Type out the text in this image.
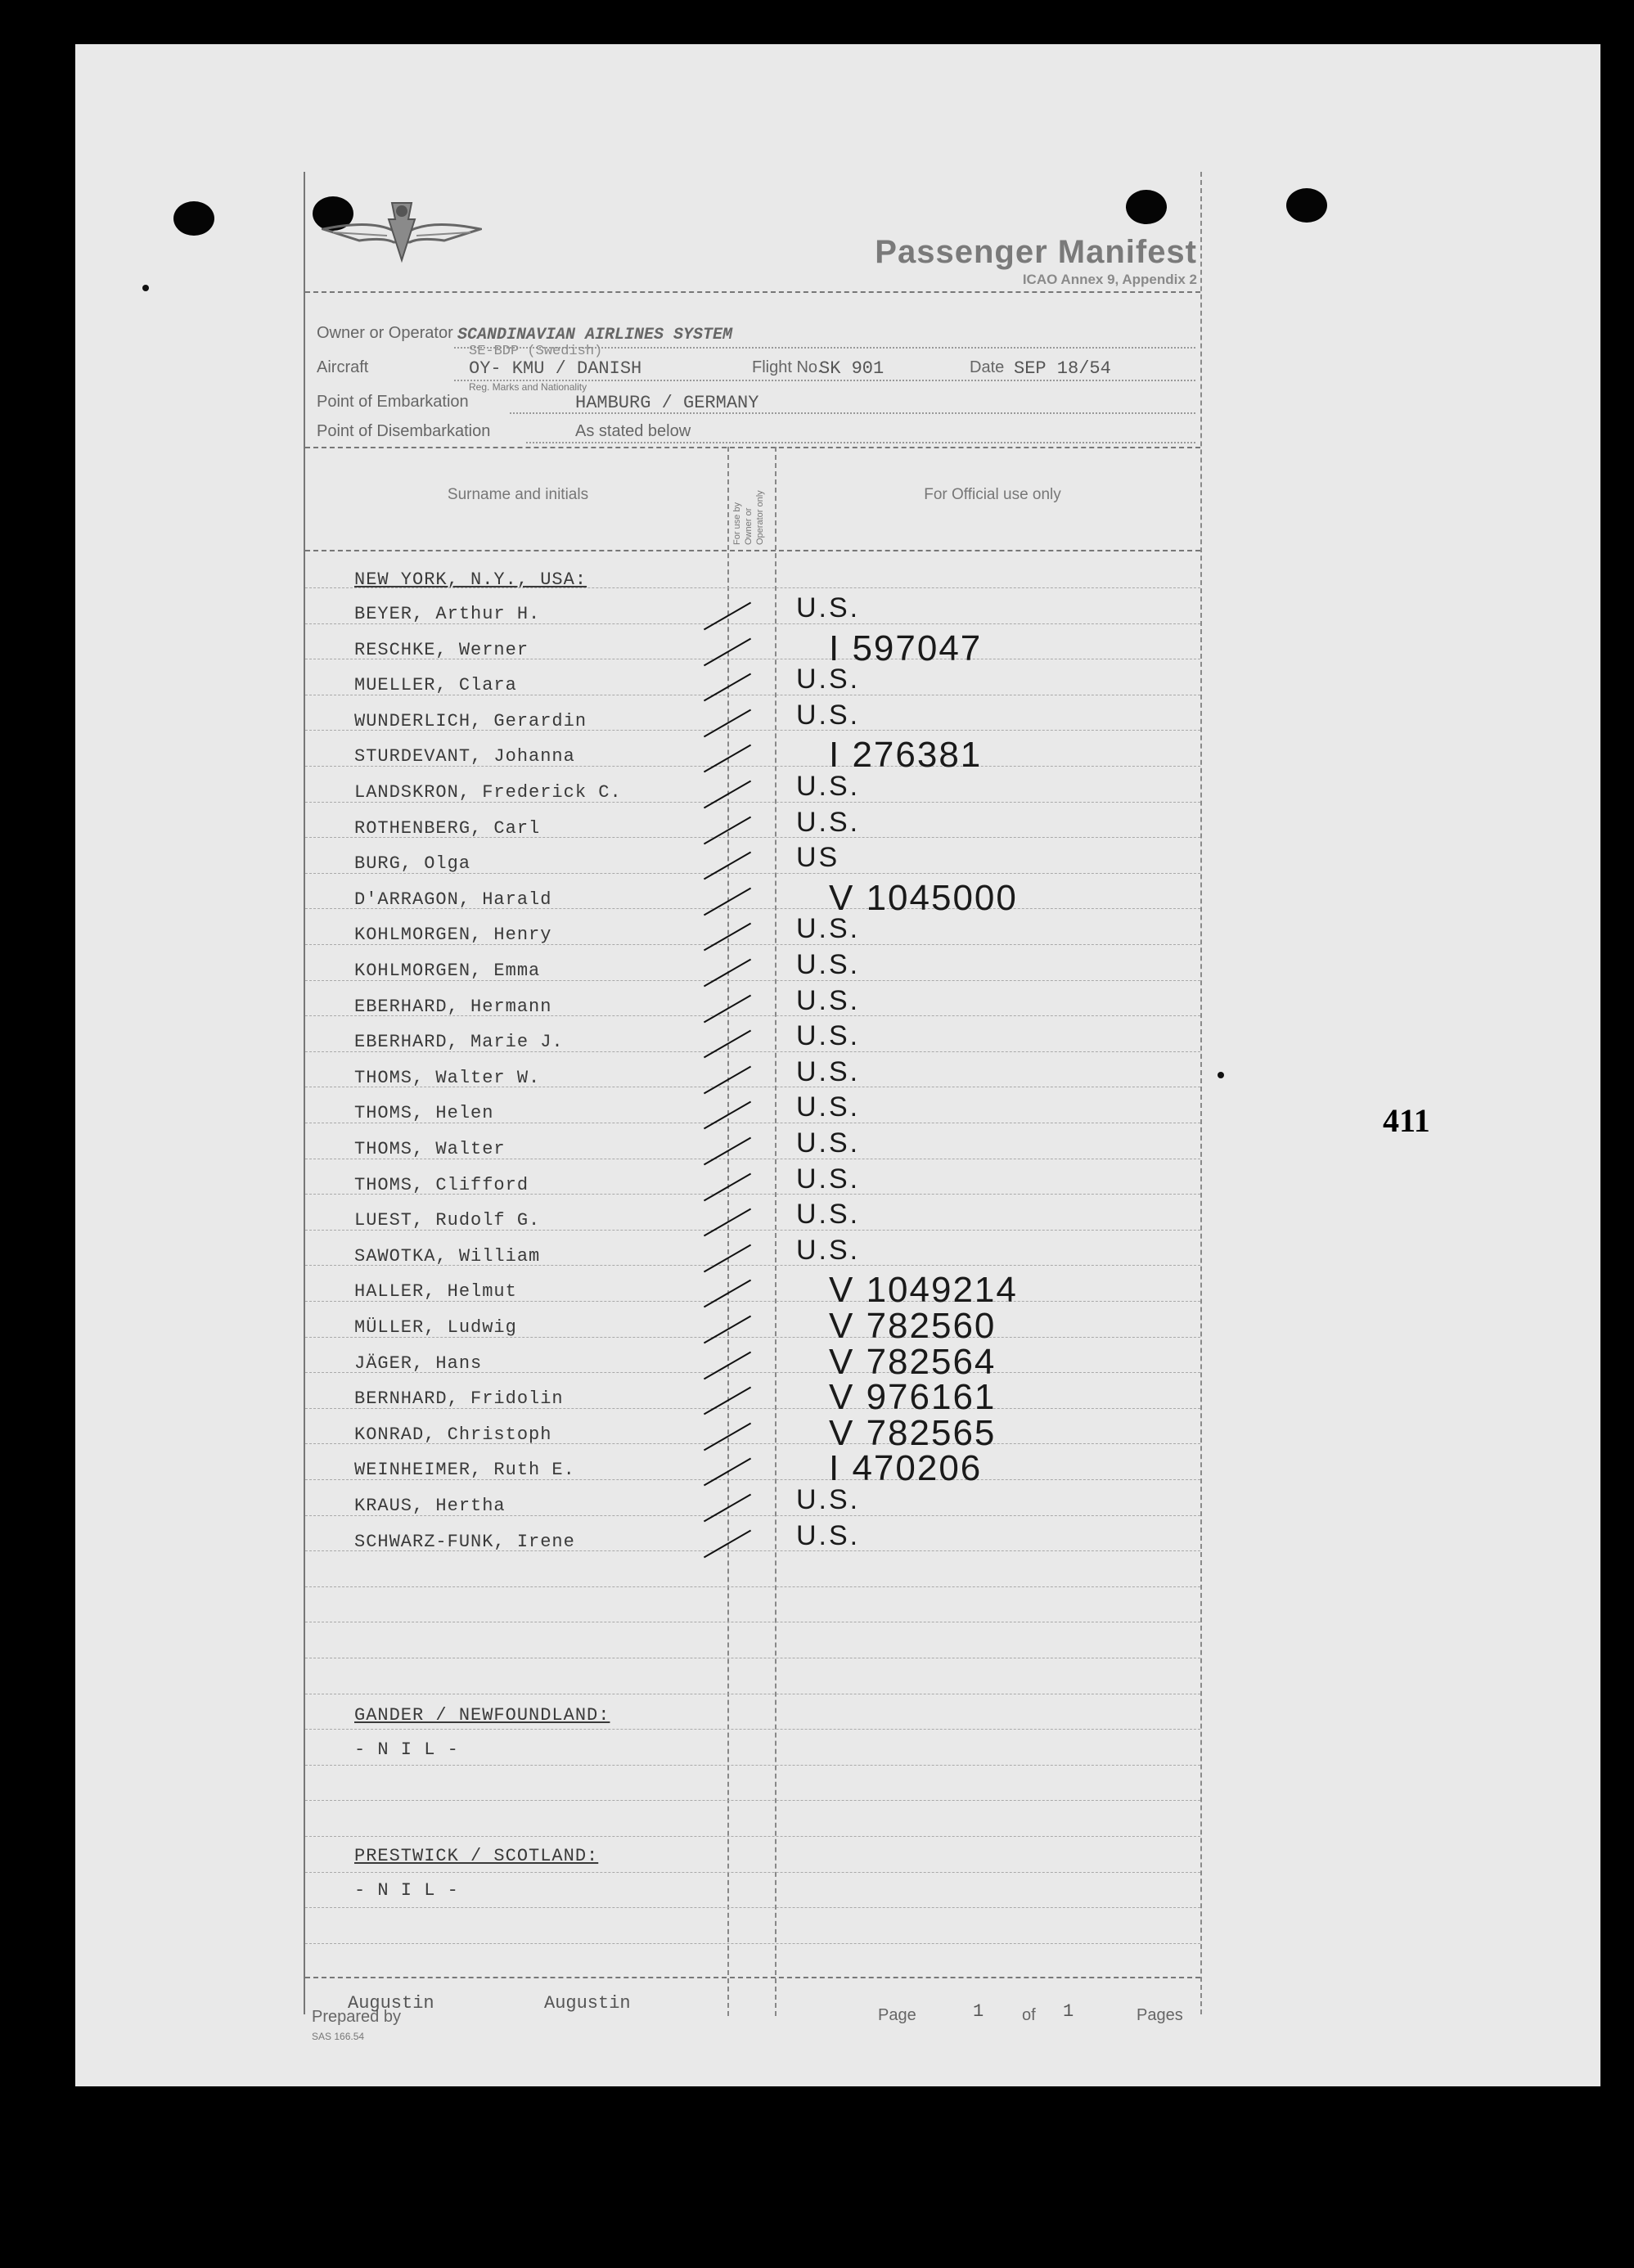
411
Passenger Manifest
ICAO Annex 9, Appendix 2
Owner or Operator SCANDINAVIAN AIRLINES SYSTEM
Aircraft	OY- KMU / DANISH
SE-BDP (Swedish)
Reg. Marks and Nationality
Flight No.
SK 901	Date SEP 18/54
Point of Embarkation	HAMBURG / GERMANY
Point of Disembarkation	As stated below
Surname and initials
For use by Owner or Operator only	For Official use only
NEW YORK, N.Y., USA:
BEYER, Arthur H.	U.S.
RESCHKE, Werner	I 597047
MUELLER, Clara	U.S.
WUNDERLICH, Gerardin	U.S.
STURDEVANT, Johanna	I 276381
LANDSKRON, Frederick C.	U.S.
ROTHENBERG, Carl	U.S.
BURG, Olga	US
D'ARRAGON, Harald	V 1045000
KOHLMORGEN, Henry	U.S.
KOHLMORGEN, Emma	U.S.
EBERHARD, Hermann	U.S.
EBERHARD, Marie J.	U.S.
THOMS, Walter W.	U.S.
THOMS, Helen	U.S.
THOMS, Walter	U.S.
THOMS, Clifford	U.S.
LUEST, Rudolf G.	U.S.
SAWOTKA, William	U.S.
HALLER, Helmut	V 1049214
MÜLLER, Ludwig	V 782560
JÄGER, Hans	V 782564
BERNHARD, Fridolin	V 976161
KONRAD, Christoph	V 782565
WEINHEIMER, Ruth E.	I 470206
KRAUS, Hertha	U.S.
SCHWARZ-FUNK, Irene	U.S.
GANDER / NEWFOUNDLAND:
- N I L -
PRESTWICK / SCOTLAND:
- N I L -
Prepared by
Augustin	Augustin
Page	1 of 1	Pages
SAS 166.54
